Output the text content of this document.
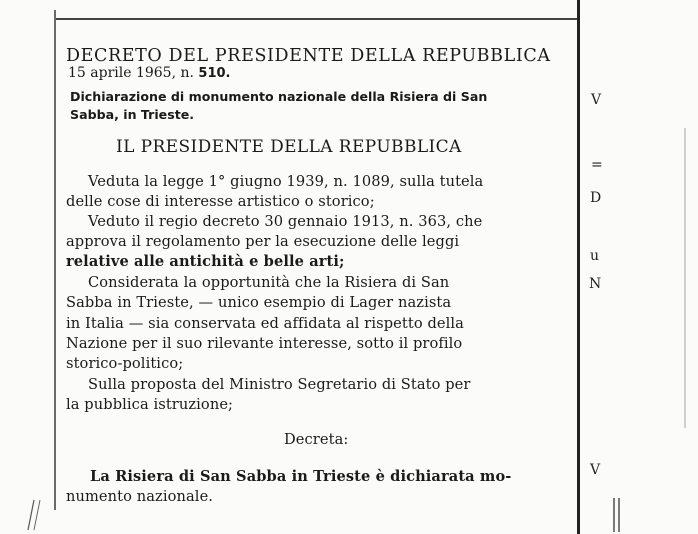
DECRETO DEL PRESIDENTE DELLA REPUBBLICA
15 aprile 1965, n. 510.
Dichiarazione di monumento nazionale della Risiera di San
Sabba, in Trieste.
IL PRESIDENTE DELLA REPUBBLICA
Veduta la legge 1° giugno 1939, n. 1089, sulla tutela
delle cose di interesse artistico o storico;
Veduto il regio decreto 30 gennaio 1913, n. 363, che
approva il regolamento per la esecuzione delle leggi
relative alle antichità e belle arti;
Considerata la opportunità che la Risiera di San
Sabba in Trieste, — unico esempio di Lager nazista
in Italia — sia conservata ed affidata al rispetto della
Nazione per il suo rilevante interesse, sotto il profilo
storico-politico;
Sulla proposta del Ministro Segretario di Stato per
la pubblica istruzione;
Decreta:
La Risiera di San Sabba in Trieste è dichiarata mo-
numento nazionale.
V
=
D
u
N
V
